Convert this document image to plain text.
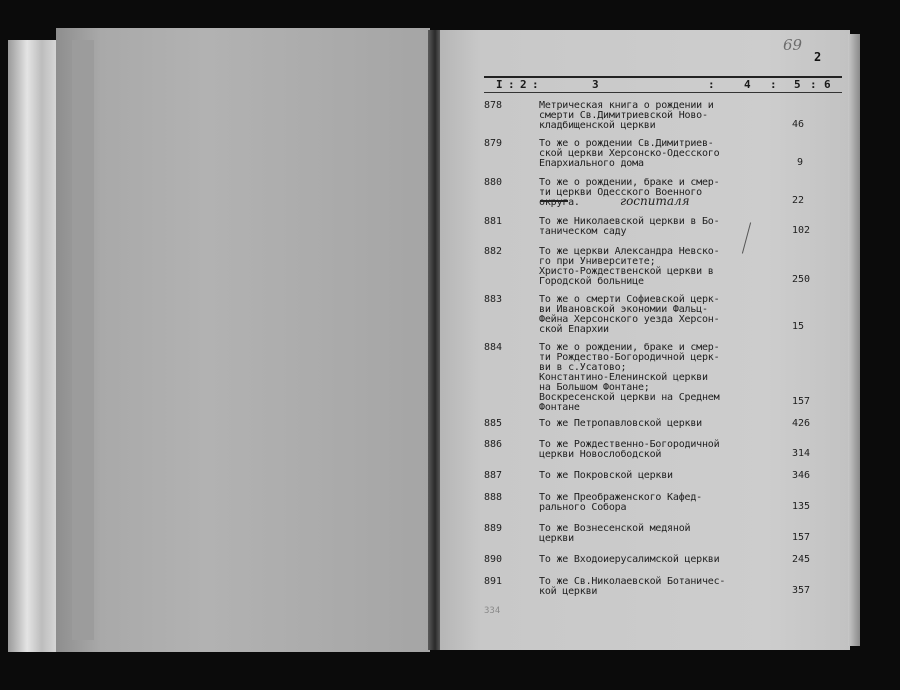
69
2
I : 2 :	3	:	4 : 5 : 6
878	Метрическая книга о рождении и
смерти Св.Димитриевской Ново-
кладбищенской церкви	46
879	То же о рождении Св.Димитриев-
ской церкви Херсонско-Одесского
Епархиального дома	9
880	То же о рождении, браке и смер-
ти церкви Одесского Военного
округа.	22
881	То же Николаевской церкви в Бо-
таническом саду	102
882	То же церкви Александра Невско-
го при Университете;
Христо-Рождественской церкви в
Городской больнице	250
883	То же о смерти Софиевской церк-
ви Ивановской экономии Фальц-
Фейна Херсонского уезда Херсон-
ской Епархии	15
884	То же о рождении, браке и смер-
ти Рождество-Богородичной церк-
ви в с.Усатово;
Константино-Еленинской церкви
на Большом Фонтане;
Воскресенской церкви на Среднем
Фонтане
157
885	То же Петропавловской церкви	426
886	То же Рождественно-Богородичной
церкви Новослободской	314
887	То же Покровской церкви	346
888	То же Преображенского Кафед-
рального Собора	135
889	То же Вознесенской медяной
церкви	157
890	То же Входоиерусалимской церкви	245
891	То же Св.Николаевской Ботаничес-
кой церкви	357
госпиталя
334
